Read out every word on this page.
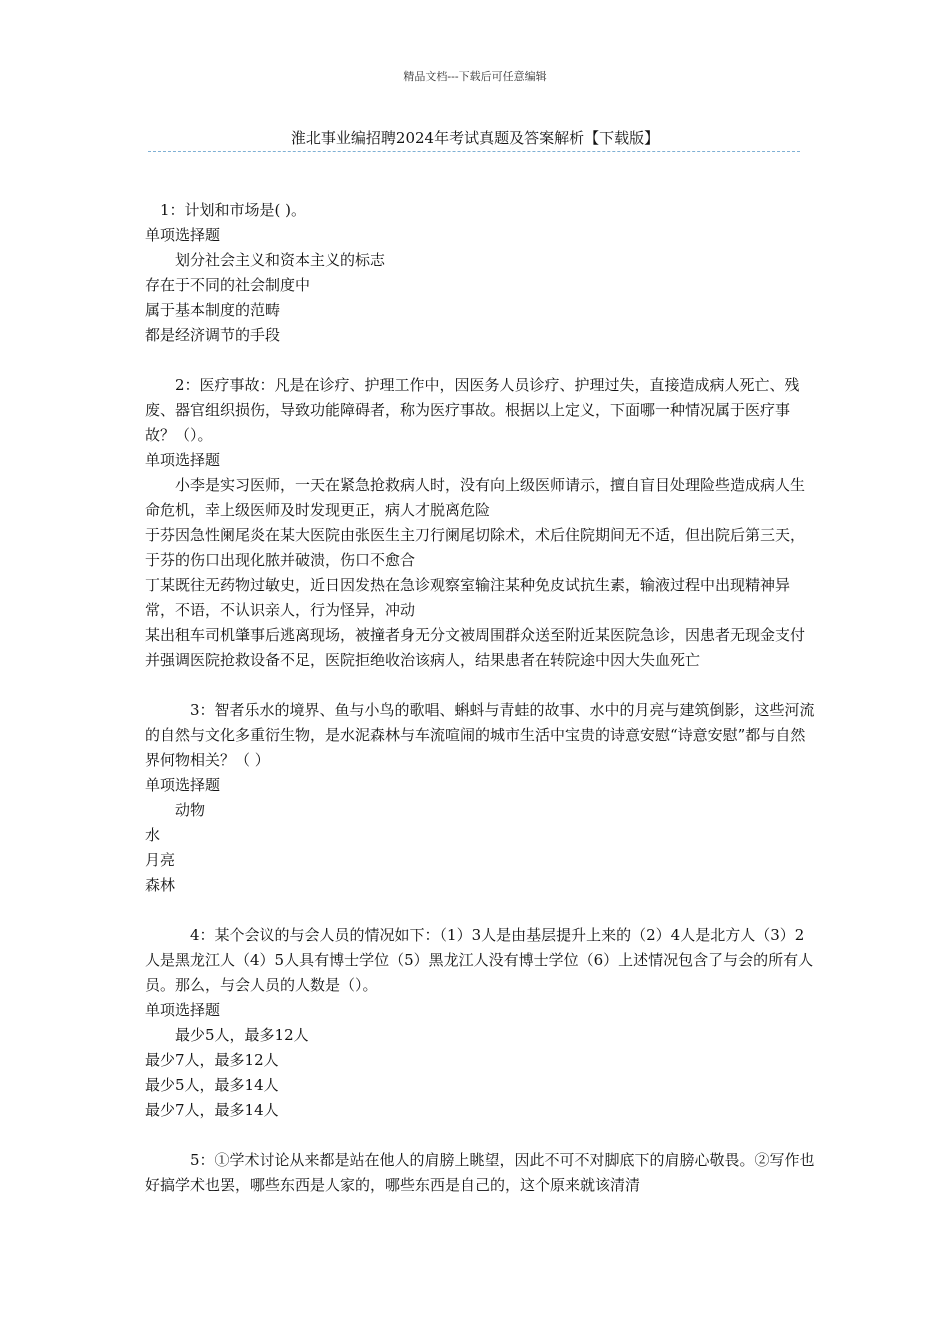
精品文档---下载后可任意编辑
淮北事业编招聘2024年考试真题及答案解析【下载版】
1：计划和市场是( )。
单项选择题
划分社会主义和资本主义的标志
存在于不同的社会制度中
属于基本制度的范畴
都是经济调节的手段
2：医疗事故：凡是在诊疗、护理工作中，因医务人员诊疗、护理过失，直接造成病人死亡、残废、器官组织损伤，导致功能障碍者，称为医疗事故。根据以上定义，下面哪一种情况属于医疗事故？（）。
单项选择题
小李是实习医师，一天在紧急抢救病人时，没有向上级医师请示，擅自盲目处理险些造成病人生命危机，幸上级医师及时发现更正，病人才脱离危险
于芬因急性阑尾炎在某大医院由张医生主刀行阑尾切除术，术后住院期间无不适，但出院后第三天，于芬的伤口出现化脓并破溃，伤口不愈合
丁某既往无药物过敏史，近日因发热在急诊观察室输注某种免皮试抗生素，输液过程中出现精神异常，不语，不认识亲人，行为怪异，冲动
某出租车司机肇事后逃离现场，被撞者身无分文被周围群众送至附近某医院急诊，因患者无现金支付并强调医院抢救设备不足，医院拒绝收治该病人，结果患者在转院途中因大失血死亡
3：智者乐水的境界、鱼与小鸟的歌唱、蝌蚪与青蛙的故事、水中的月亮与建筑倒影，这些河流的自然与文化多重衍生物，是水泥森林与车流喧闹的城市生活中宝贵的诗意安慰“诗意安慰”都与自然界何物相关？（ ）
单项选择题
动物
水
月亮
森林
4：某个会议的与会人员的情况如下：（1）3人是由基层提升上来的（2）4人是北方人（3）2人是黑龙江人（4）5人具有博士学位（5）黑龙江人没有博士学位（6）上述情况包含了与会的所有人员。那么，与会人员的人数是（）。
单项选择题
最少5人，最多12人
最少7人，最多12人
最少5人，最多14人
最少7人，最多14人
5：①学术讨论从来都是站在他人的肩膀上眺望，因此不可不对脚底下的肩膀心敬畏。②写作也好搞学术也罢，哪些东西是人家的，哪些东西是自己的，这个原来就该清清
